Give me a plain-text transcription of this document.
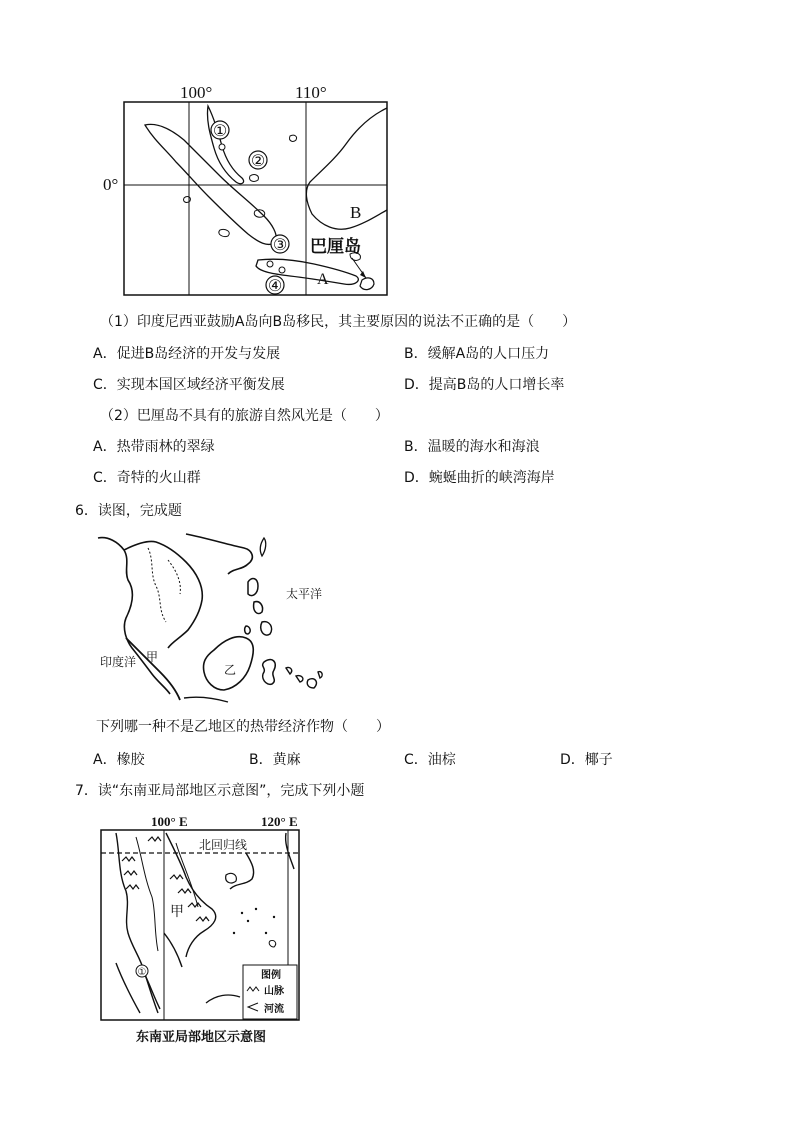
100°	110°
0°
①
②
③
④
B
巴厘岛
A
（1）印度尼西亚鼓励A岛向B岛移民，其主要原因的说法不正确的是（　　）
A．促进B岛经济的开发与发展	B．缓解A岛的人口压力
C．实现本国区域经济平衡发展	D．提高B岛的人口增长率
（2）巴厘岛不具有的旅游自然风光是（　　）
A．热带雨林的翠绿	B．温暖的海水和海浪
C．奇特的火山群	D．蜿蜒曲折的峡湾海岸
6．读图，完成题
太平洋
印度洋 甲
乙
下列哪一种不是乙地区的热带经济作物（　　）
A．橡胶	B．黄麻	C．油棕	D．椰子
7．读“东南亚局部地区示意图”，完成下列小题
100° E	120° E
北回归线
甲
①	图例
山脉
河流
东南亚局部地区示意图
